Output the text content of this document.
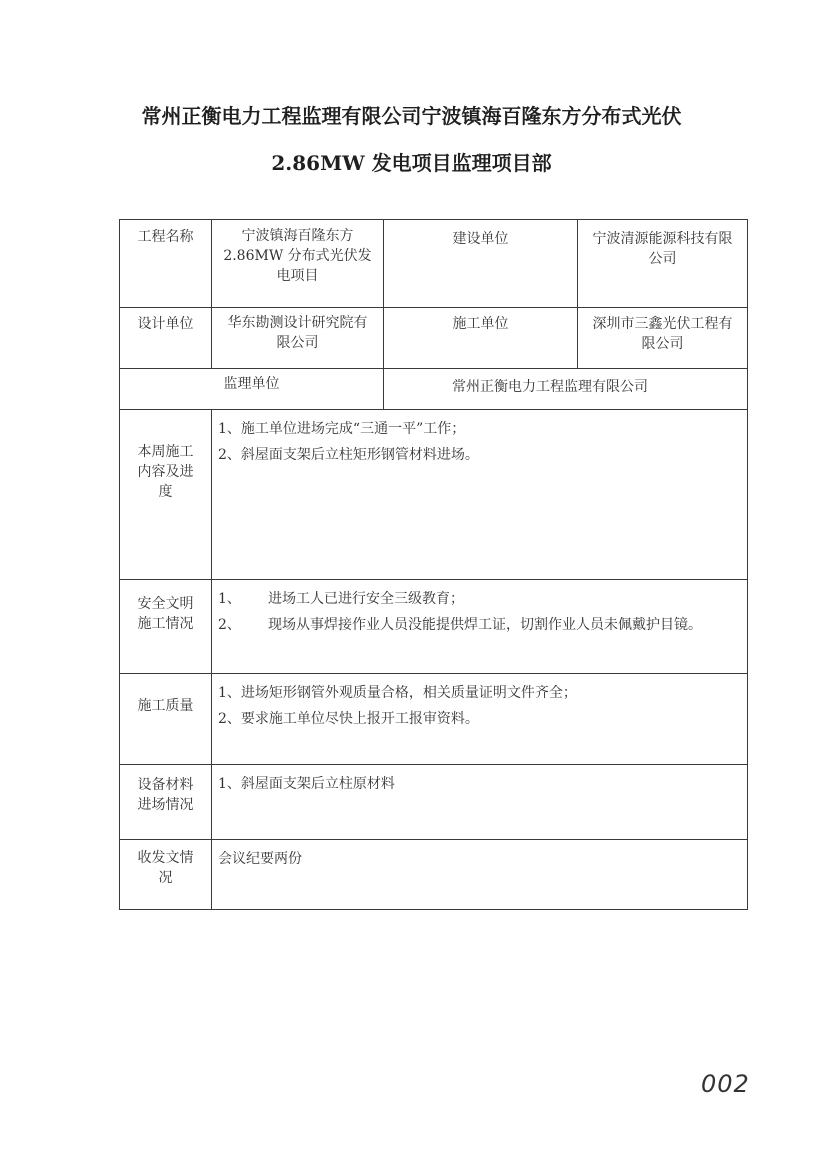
常州正衡电力工程监理有限公司宁波镇海百隆东方分布式光伏
2.86MW 发电项目监理项目部
工程名称	宁波镇海百隆东方
2.86MW 分布式光伏发
电项目	建设单位	宁波清源能源科技有限
公司

设计单位	华东勘测设计研究院有
限公司	施工单位	深圳市三鑫光伏工程有
限公司

监理单位		常州正衡电力工程监理有限公司	

本周施工
内容及进
度	1、施工单位进场完成“三通一平”工作；
2、斜屋面支架后立柱矩形钢管材料进场。		

安全文明
施工情况	1、 进场工人已进行安全三级教育；
2、 现场从事焊接作业人员没能提供焊工证，切割作业人员未佩戴护目镜。		

施工质量	1、进场矩形钢管外观质量合格，相关质量证明文件齐全；
2、要求施工单位尽快上报开工报审资料。		

设备材料
进场情况	1、斜屋面支架后立柱原材料		

收发文情
况	会议纪要两份		
002
